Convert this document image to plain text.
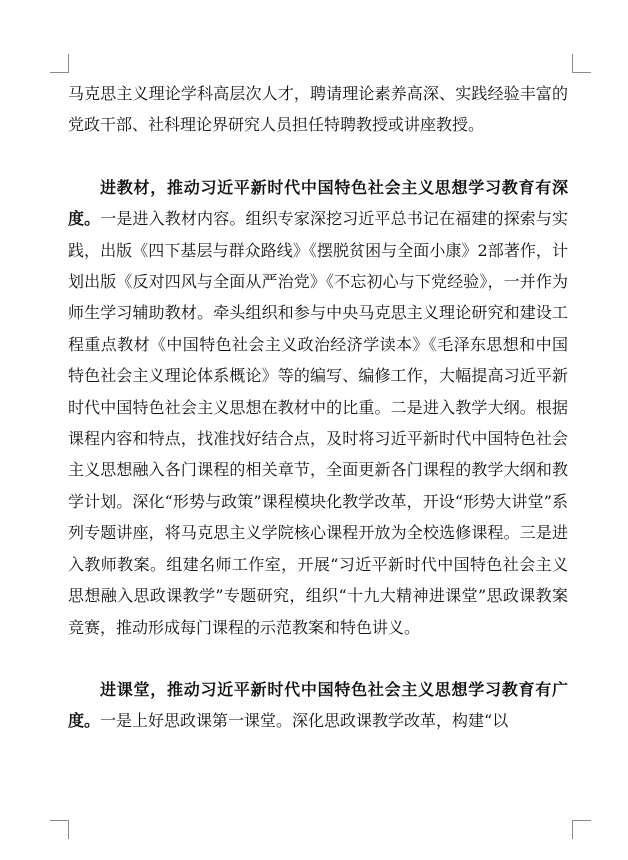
马克思主义理论学科高层次人才，聘请理论素养高深、实践经验丰富的党政干部、社科理论界研究人员担任特聘教授或讲座教授。

进教材，推动习近平新时代中国特色社会主义思想学习教育有深度。一是进入教材内容。组织专家深挖习近平总书记在福建的探索与实践，出版《四下基层与群众路线》《摆脱贫困与全面小康》2部著作，计划出版《反对四风与全面从严治党》《不忘初心与下党经验》，一并作为师生学习辅助教材。牵头组织和参与中央马克思主义理论研究和建设工程重点教材《中国特色社会主义政治经济学读本》《毛泽东思想和中国特色社会主义理论体系概论》等的编写、编修工作，大幅提高习近平新时代中国特色社会主义思想在教材中的比重。二是进入教学大纲。根据课程内容和特点，找准找好结合点，及时将习近平新时代中国特色社会主义思想融入各门课程的相关章节，全面更新各门课程的教学大纲和教学计划。深化“形势与政策”课程模块化教学改革，开设“形势大讲堂”系列专题讲座，将马克思主义学院核心课程开放为全校选修课程。三是进入教师教案。组建名师工作室，开展“习近平新时代中国特色社会主义思想融入思政课教学”专题研究，组织“十九大精神进课堂”思政课教案竞赛，推动形成每门课程的示范教案和特色讲义。

进课堂，推动习近平新时代中国特色社会主义思想学习教育有广度。一是上好思政课第一课堂。深化思政课教学改革，构建“以
